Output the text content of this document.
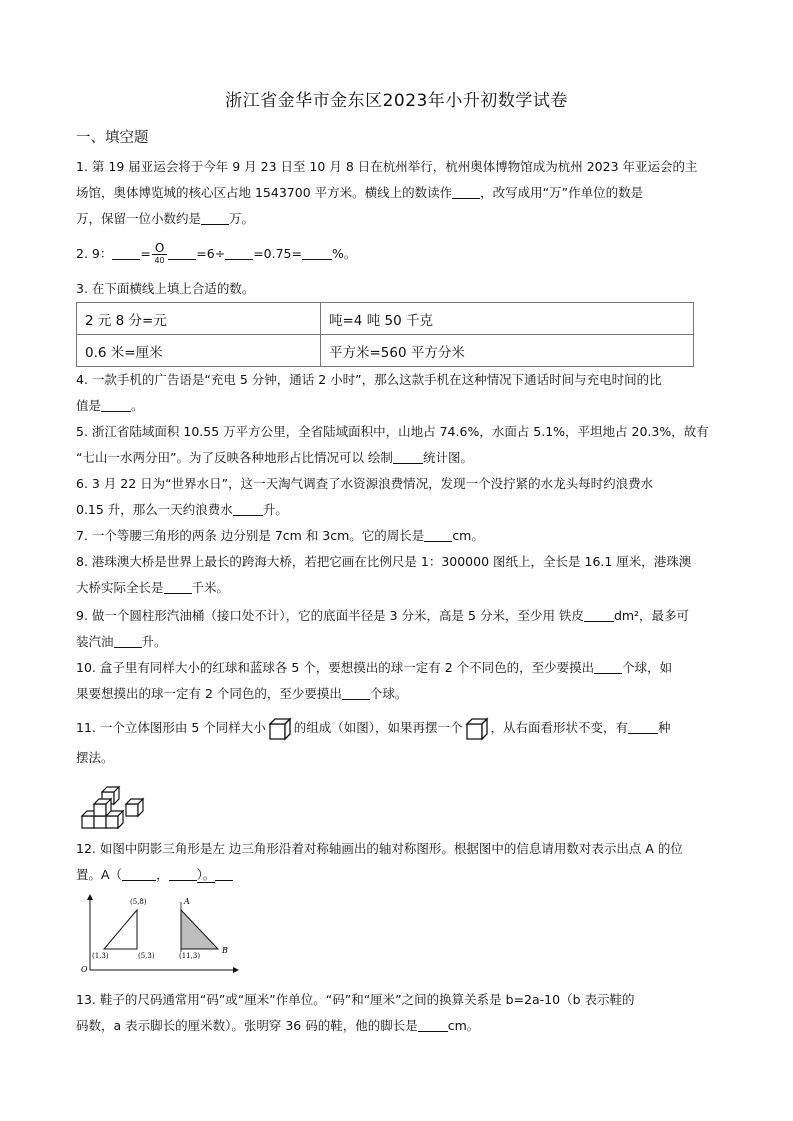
浙江省金华市金东区2023年小升初数学试卷
一、填空题
1. 第 19 届亚运会将于今年 9 月 23 日至 10 月 8 日在杭州举行，杭州奥体博物馆成为杭州 2023 年亚运会的主
场馆，奥体博览城的核心区占地 1543700 平方米。横线上的数读作 ，改写成用“万”作单位的数是
万，保留一位小数约是 万。
2. 9： = $\frac{O}{40} =6\div =0.75=$ %。
3. 在下面横线上填上合适的数。
2 元 8 分=元	吨=4 吨 50 千克
0.6 米=厘米	平方米=560 平方分米
4. 一款手机的广告语是“充电 5 分钟，通话 2 小时”，那么这款手机在这种情况下通话时间与充电时间的比
值是 。
5. 浙江省陆域面积 10.55 万平方公里，全省陆域面积中，山地占 74.6%，水面占 5.1%，平坦地占 20.3%，故有
“七山一水两分田”。为了反映各种地形占比情况可以 绘制 统计图。
6. 3 月 22 日为“世界水日”，这一天淘气调查了水资源浪费情况，发现一个没拧紧的水龙头每时约浪费水
0.15 升，那么一天约浪费水 升。
7. 一个等腰三角形的两条 边分别是 7cm 和 3cm。它的周长是 cm。
8. 港珠澳大桥是世界上最长的跨海大桥，若把它画在比例尺是 1：300000 图纸上，全长是 16.1 厘米，港珠澳
大桥实际全长是 千米。
9. 做一个圆柱形汽油桶（接口处不计），它的底面半径是 3 分米，高是 5 分米，至少用 铁皮 dm²，最多可
装汽油 升。
10. 盒子里有同样大小的红球和蓝球各 5 个，要想摸出的球一定有 2 个不同色的，至少要摸出 个球，如
果要想摸出的球一定有 2 个同色的，至少要摸出 个球。
11. 一个立体图形由 5 个同样大小 的组成（如图），如果再摆一个 ，从右面看形状不变，有 种
摆法。
12. 如图中阴影三角形是左 边三角形沿着对称轴画出的轴对称图形。根据图中的信息请用数对表示出点 A 的位
置。A（	， ）。
(5,8)
(1,3)	(5,3)	(11,3)
A
B
O
13. 鞋子的尺码通常用“码”或“厘米”作单位。“码”和“厘米”之间的换算关系是 b=2a-10（b 表示鞋的
码数，a 表示脚长的厘米数）。张明穿 36 码的鞋，他的脚长是 cm。
